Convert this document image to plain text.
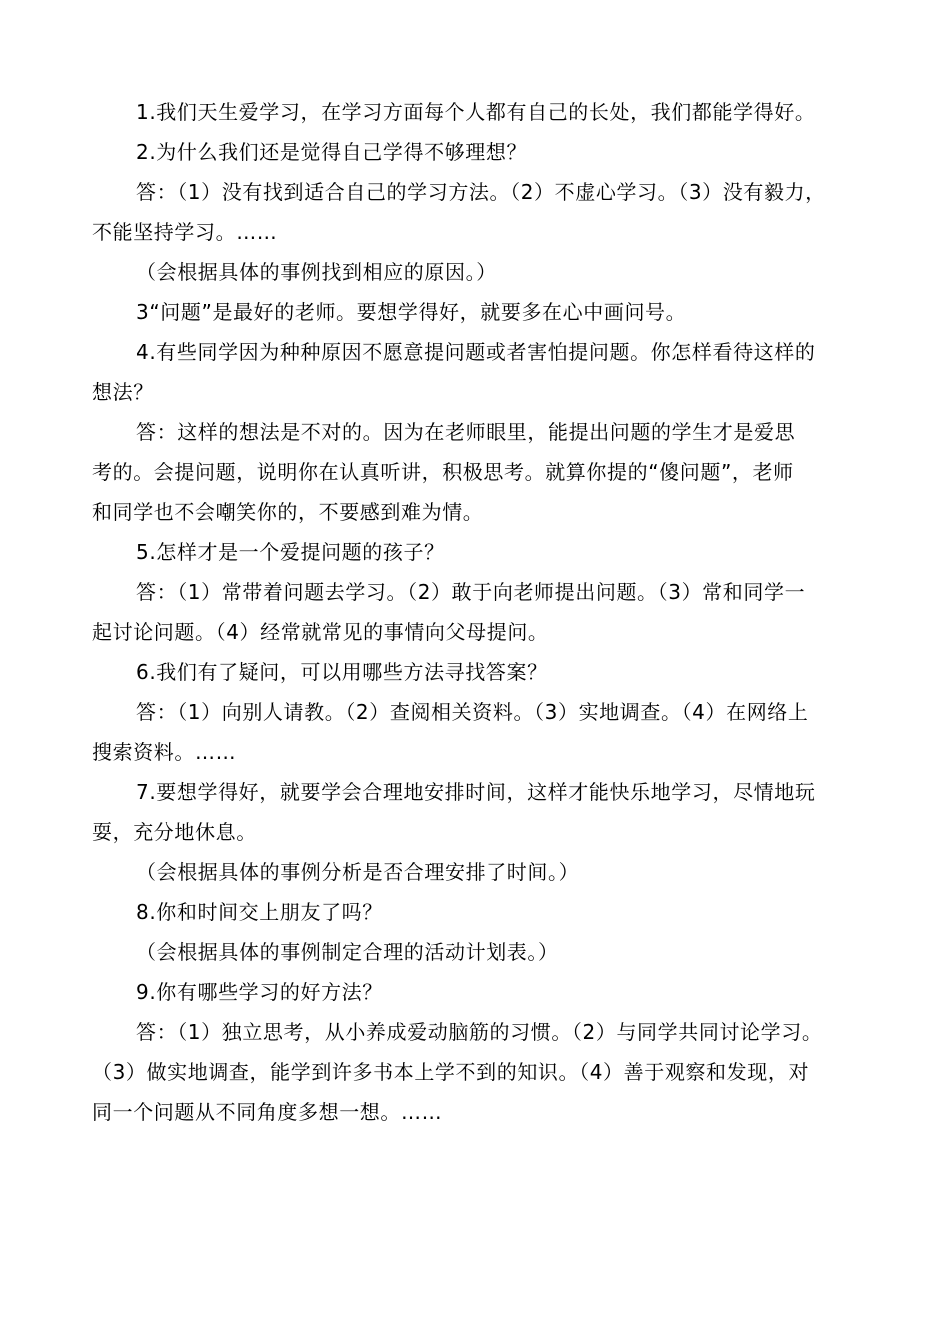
1.我们天生爱学习，在学习方面每个人都有自己的长处，我们都能学得好。
2.为什么我们还是觉得自己学得不够理想？
答：（1）没有找到适合自己的学习方法。（2）不虚心学习。（3）没有毅力，
不能坚持学习。……
（会根据具体的事例找到相应的原因。）
3“问题”是最好的老师。要想学得好，就要多在心中画问号。
4.有些同学因为种种原因不愿意提问题或者害怕提问题。你怎样看待这样的
想法？
答：这样的想法是不对的。因为在老师眼里，能提出问题的学生才是爱思
考的。会提问题，说明你在认真听讲，积极思考。就算你提的“傻问题”，老师
和同学也不会嘲笑你的，不要感到难为情。
5.怎样才是一个爱提问题的孩子？
答：（1）常带着问题去学习。（2）敢于向老师提出问题。（3）常和同学一
起讨论问题。（4）经常就常见的事情向父母提问。
6.我们有了疑问，可以用哪些方法寻找答案？
答：（1）向别人请教。（2）查阅相关资料。（3）实地调查。（4）在网络上
搜索资料。……
7.要想学得好，就要学会合理地安排时间，这样才能快乐地学习，尽情地玩
耍，充分地休息。
（会根据具体的事例分析是否合理安排了时间。）
8.你和时间交上朋友了吗？
（会根据具体的事例制定合理的活动计划表。）
9.你有哪些学习的好方法？
答：（1）独立思考，从小养成爱动脑筋的习惯。（2）与同学共同讨论学习。
（3）做实地调查，能学到许多书本上学不到的知识。（4）善于观察和发现，对
同一个问题从不同角度多想一想。……
